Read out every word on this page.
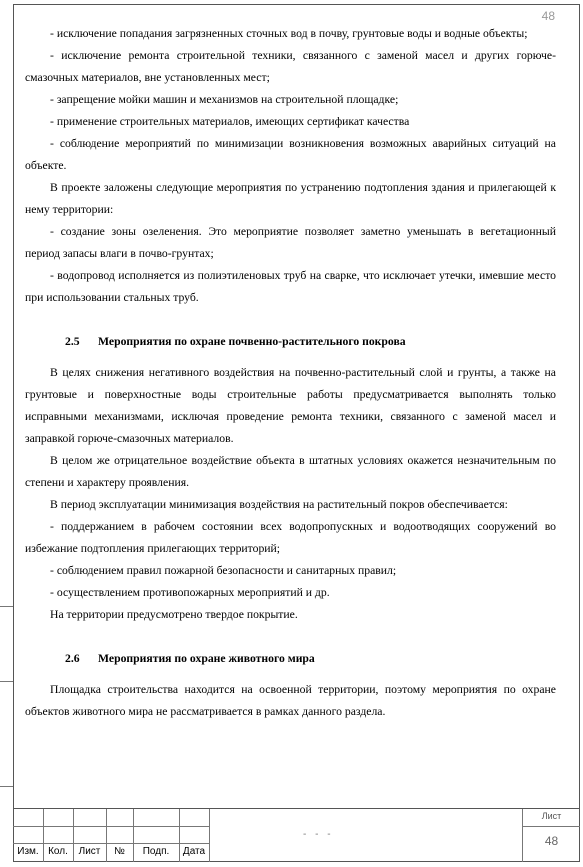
48

- исключение попадания загрязненных сточных вод в почву, грунтовые воды и водные объекты;

- исключение ремонта строительной техники, связанного с заменой масел и других горюче-смазочных материалов, вне установленных мест;

- запрещение мойки машин и механизмов на строительной площадке;

- применение строительных материалов, имеющих сертификат качества

- соблюдение мероприятий по минимизации возникновения возможных аварийных ситуаций на объекте.

В проекте заложены следующие мероприятия по устранению подтопления здания и прилегающей к нему территории:

- создание зоны озеленения. Это мероприятие позволяет заметно уменьшать в вегетационный период запасы влаги в почво-грунтах;

- водопровод исполняется из полиэтиленовых труб на сварке, что исключает утечки, имевшие место при использовании стальных труб.

2.5 Мероприятия по охране почвенно-растительного покрова

В целях снижения негативного воздействия на почвенно-растительный слой и грунты, а также на грунтовые и поверхностные воды строительные работы предусматривается выполнять только исправными механизмами, исключая проведение ремонта техники, связанного с заменой масел и заправкой горюче-смазочных материалов.

В целом же отрицательное воздействие объекта в штатных условиях окажется незначительным по степени и характеру проявления.

В период эксплуатации минимизация воздействия на растительный покров обеспечивается:

- поддержанием в рабочем состоянии всех водопропускных и водоотводящих сооружений во избежание подтопления прилегающих территорий;

- соблюдением правил пожарной безопасности и санитарных правил;

- осуществлением противопожарных мероприятий и др.

На территории предусмотрено твердое покрытие.

2.6 Мероприятия по охране животного мира

Площадка строительства находится на освоенной территории, поэтому мероприятия по охране объектов животного мира не рассматривается в рамках данного раздела.

Изм. Кол.	Лист	№	Подп.	Дата
- - -
Лист
48
